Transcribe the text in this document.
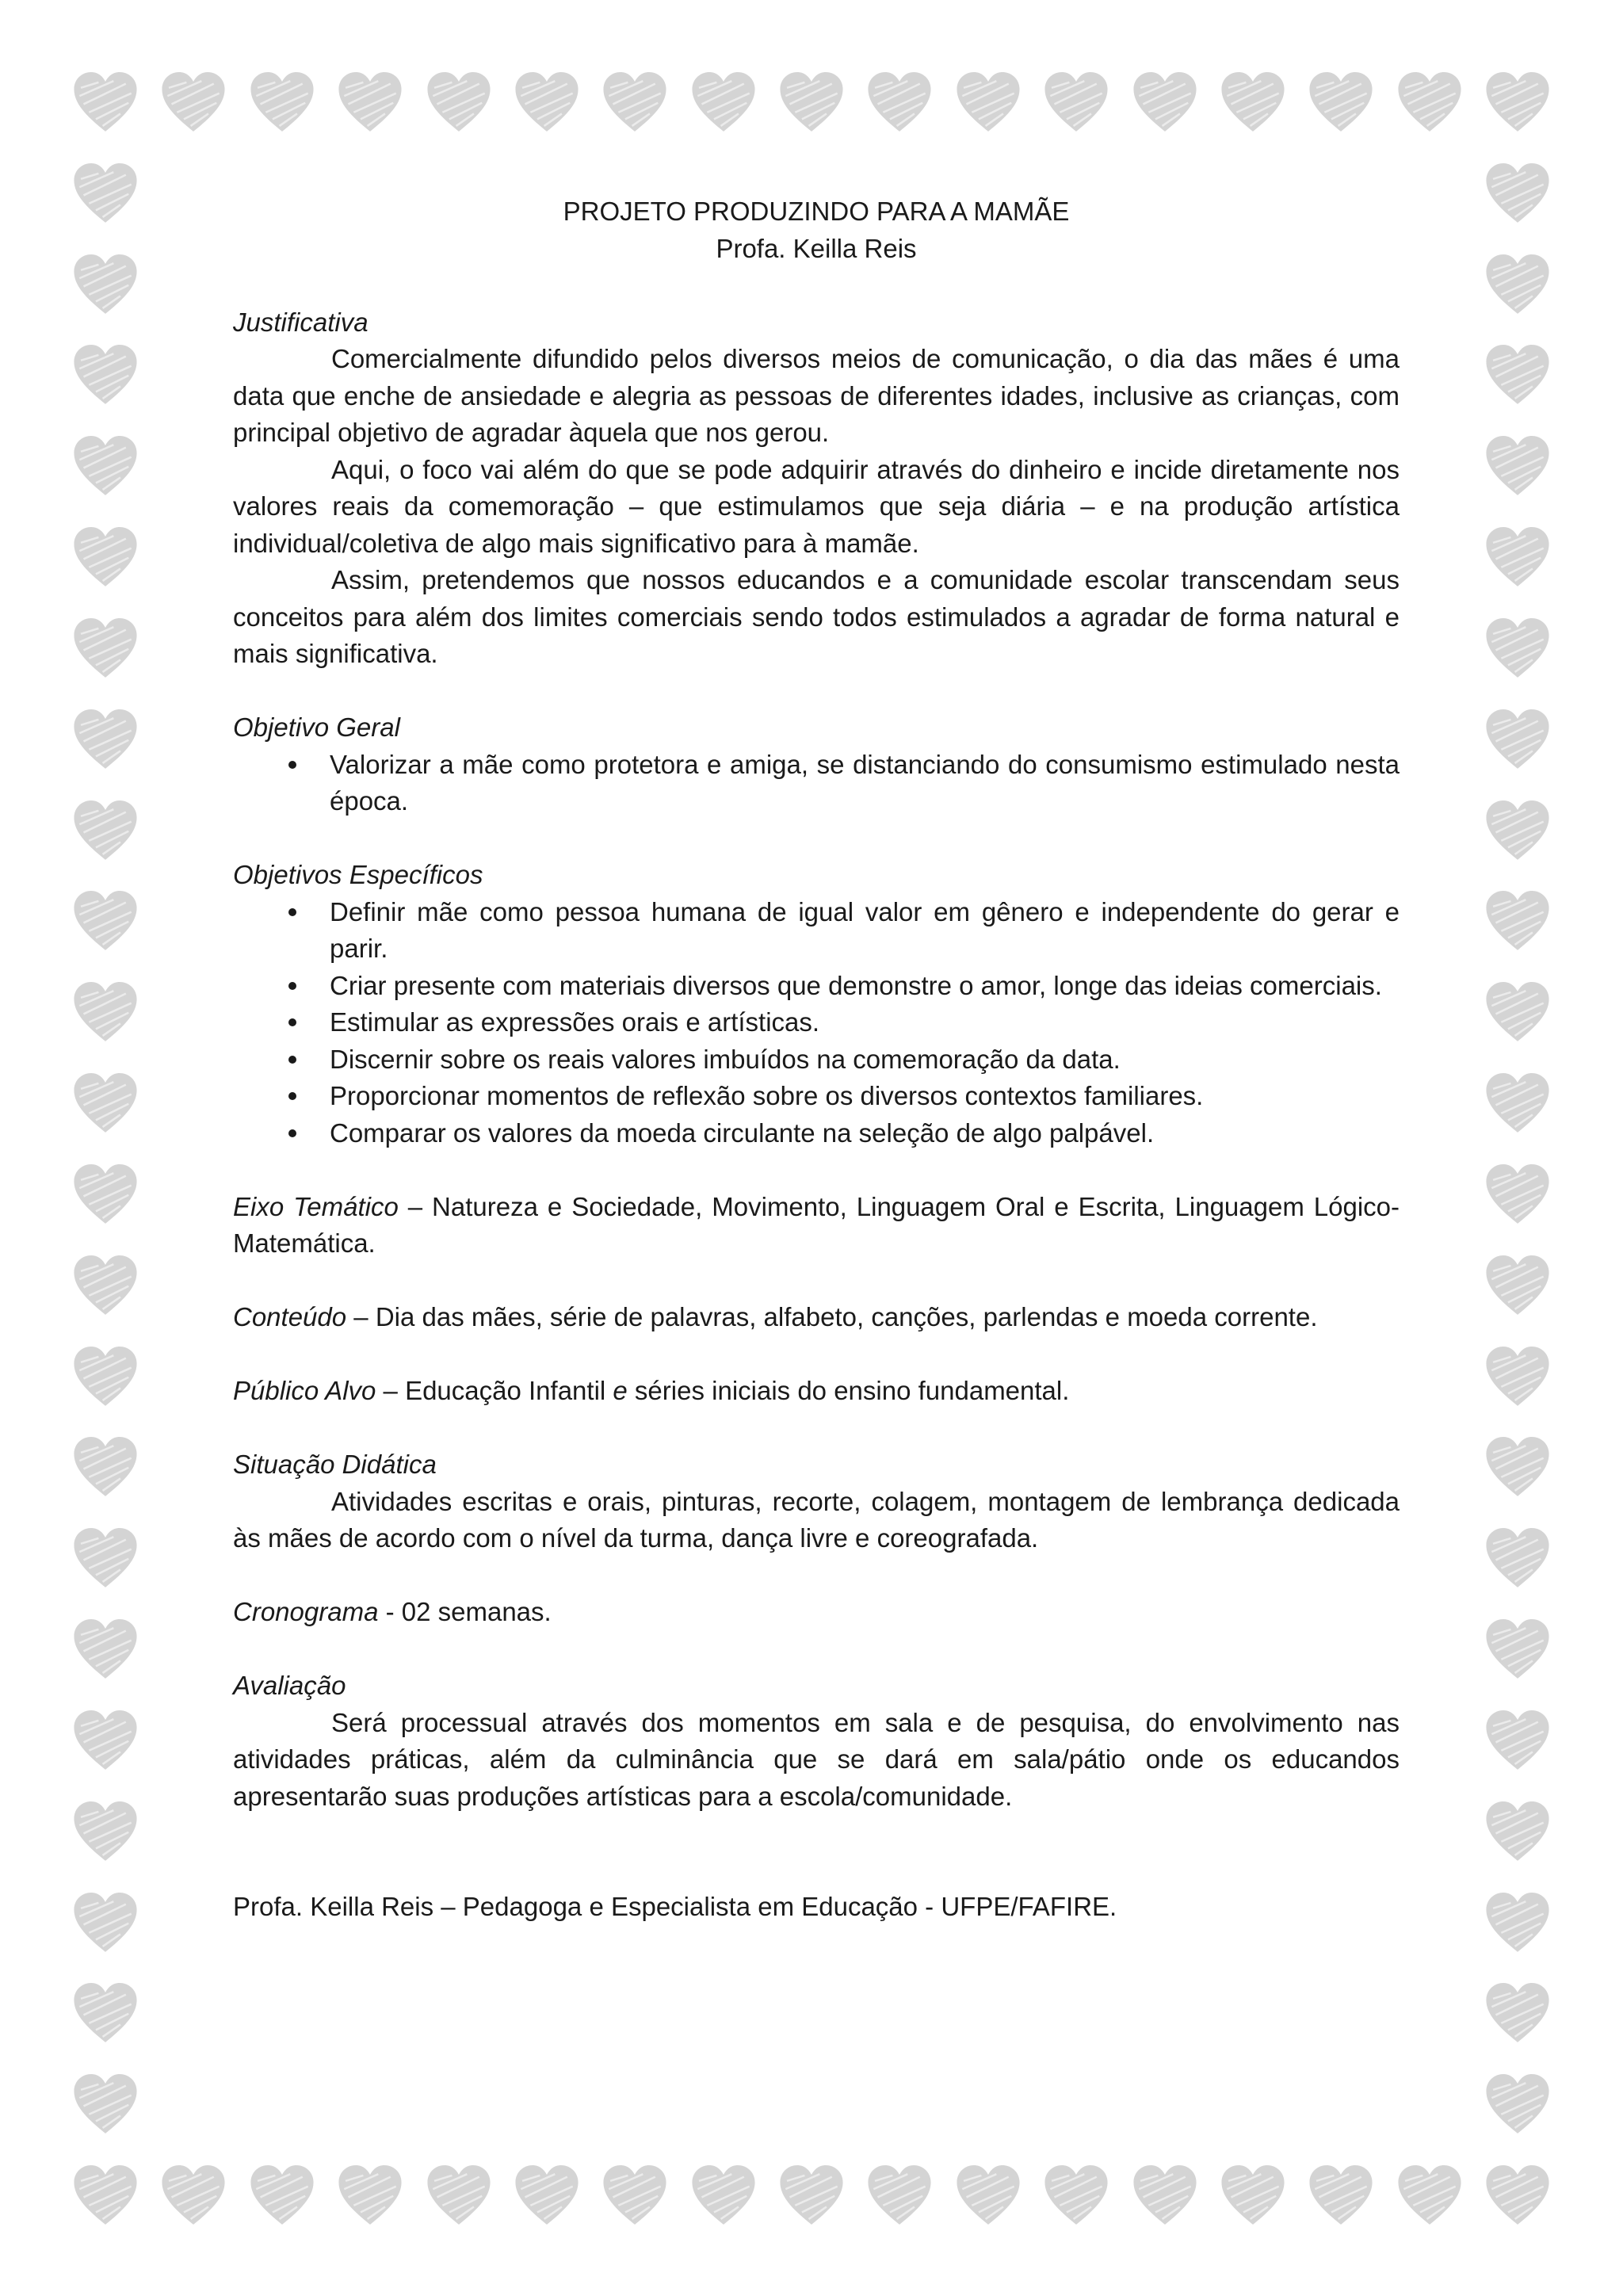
PROJETO PRODUZINDO PARA A MAMÃE
Profa. Keilla Reis
Justificativa
Comercialmente difundido pelos diversos meios de comunicação, o dia das mães é uma data que enche de ansiedade e alegria as pessoas de diferentes idades, inclusive as crianças, com principal objetivo de agradar àquela que nos gerou.
Aqui, o foco vai além do que se pode adquirir através do dinheiro e incide diretamente nos valores reais da comemoração – que estimulamos que seja diária – e na produção artística individual/coletiva de algo mais significativo para à mamãe.
Assim, pretendemos que nossos educandos e a comunidade escolar transcendam seus conceitos para além dos limites comerciais sendo todos estimulados a agradar de forma natural e mais significativa.
Objetivo Geral
Valorizar a mãe como protetora e amiga, se distanciando do consumismo estimulado nesta época.
Objetivos Específicos
Definir mãe como pessoa humana de igual valor em gênero e independente do gerar e parir.
Criar presente com materiais diversos que demonstre o amor, longe das ideias comerciais.
Estimular as expressões orais e artísticas.
Discernir sobre os reais valores imbuídos na comemoração da data.
Proporcionar momentos de reflexão sobre os diversos contextos familiares.
Comparar os valores da moeda circulante na seleção de algo palpável.
Eixo Temático – Natureza e Sociedade, Movimento, Linguagem Oral e Escrita, Linguagem Lógico-Matemática.
Conteúdo – Dia das mães, série de palavras, alfabeto, canções, parlendas e moeda corrente.
Público Alvo – Educação Infantil e séries iniciais do ensino fundamental.
Situação Didática
Atividades escritas e orais, pinturas, recorte, colagem, montagem de lembrança dedicada às mães de acordo com o nível da turma, dança livre e coreografada.
Cronograma - 02 semanas.
Avaliação
Será processual através dos momentos em sala e de pesquisa, do envolvimento nas atividades práticas, além da culminância que se dará em sala/pátio onde os educandos apresentarão suas produções artísticas para a escola/comunidade.
Profa. Keilla Reis – Pedagoga e Especialista em Educação - UFPE/FAFIRE.
